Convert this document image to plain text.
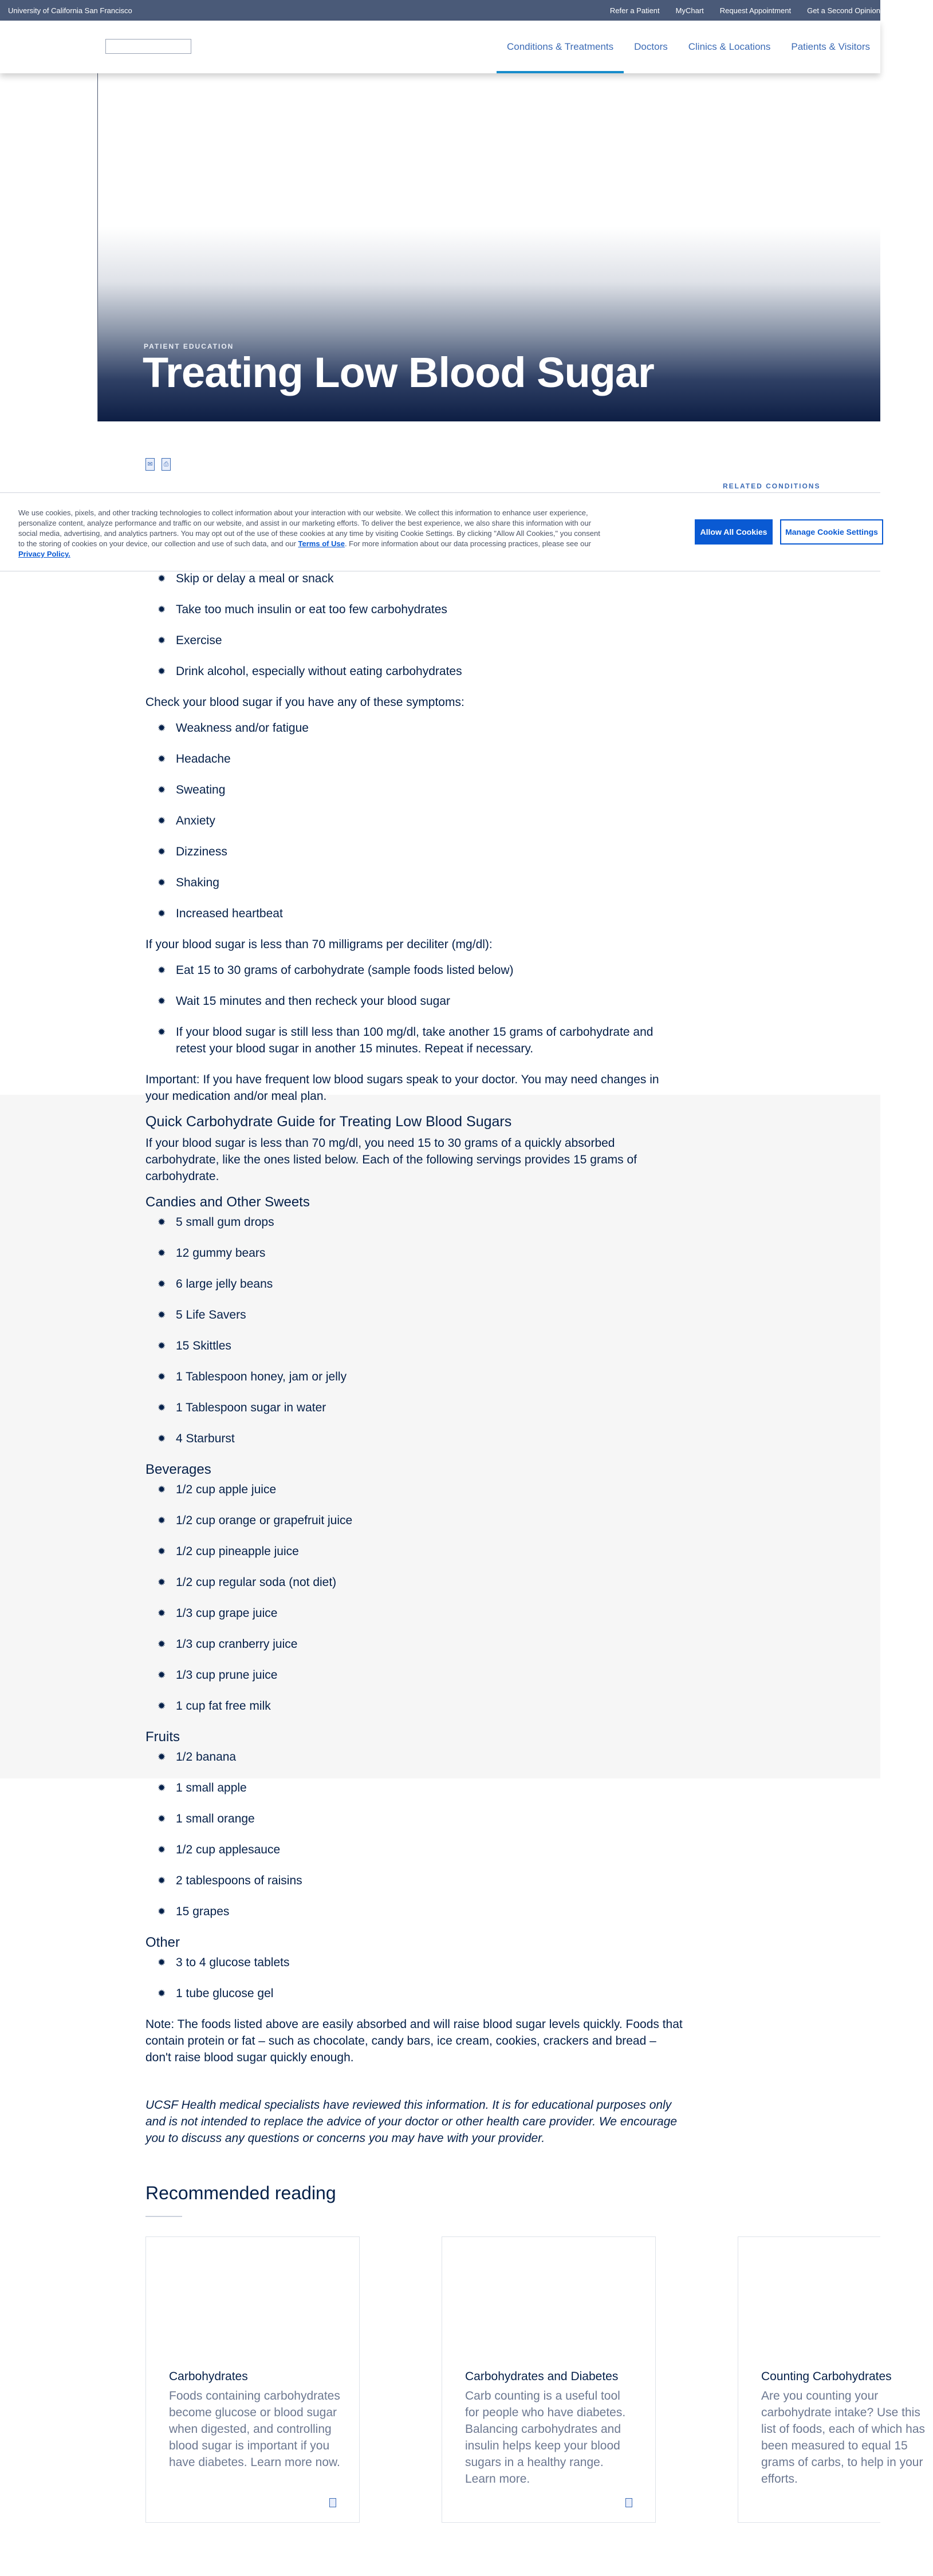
University of California San Francisco	Refer a Patient MyChart Request Appointment Get a Second Opinion
Conditions & Treatments	Doctors	Clinics & Locations	Patients & Visitors
PATIENT EDUCATION
Treating Low Blood Sugar
✉	⎙
RELATED CONDITIONS

We use cookies, pixels, and other tracking technologies to collect information about your interaction with our website. We collect this information to enhance user experience, personalize content, analyze performance and traffic on our website, and assist in our marketing efforts. To deliver the best experience, we also share this information with our social media, advertising, and analytics partners. You may opt out of the use of these cookies at any time by visiting Cookie Settings. By clicking "Allow All Cookies," you consent to the storing of cookies on your device, our collection and use of such data, and our Terms of Use. For more information about our data processing practices, please see our Privacy Policy.

Allow All Cookies	Manage Cookie Settings
✹ Skip or delay a meal or snack
✹ Take too much insulin or eat too few carbohydrates
✹ Exercise
✹ Drink alcohol, especially without eating carbohydrates

Check your blood sugar if you have any of these symptoms:

✹ Weakness and/or fatigue
✹ Headache
✹ Sweating
✹ Anxiety
✹ Dizziness
✹ Shaking
✹ Increased heartbeat

If your blood sugar is less than 70 milligrams per deciliter (mg/dl):

✹ Eat 15 to 30 grams of carbohydrate (sample foods listed below)
✹ Wait 15 minutes and then recheck your blood sugar
✹ If your blood sugar is still less than 100 mg/dl, take another 15 grams of carbohydrate and retest your blood sugar in another 15 minutes. Repeat if necessary.

Important: If you have frequent low blood sugars speak to your doctor. You may need changes in your medication and/or meal plan.

Quick Carbohydrate Guide for Treating Low Blood Sugars

If your blood sugar is less than 70 mg/dl, you need 15 to 30 grams of a quickly absorbed carbohydrate, like the ones listed below. Each of the following servings provides 15 grams of carbohydrate.

Candies and Other Sweets
✹ 5 small gum drops
✹ 12 gummy bears
✹ 6 large jelly beans
✹ 5 Life Savers
✹ 15 Skittles
✹ 1 Tablespoon honey, jam or jelly
✹ 1 Tablespoon sugar in water
✹ 4 Starburst
Beverages
✹ 1/2 cup apple juice
✹ 1/2 cup orange or grapefruit juice
✹ 1/2 cup pineapple juice
✹ 1/2 cup regular soda (not diet)
✹ 1/3 cup grape juice
✹ 1/3 cup cranberry juice
✹ 1/3 cup prune juice
✹ 1 cup fat free milk
Fruits
✹ 1/2 banana
✹ 1 small apple
✹ 1 small orange
✹ 1/2 cup applesauce
✹ 2 tablespoons of raisins
✹ 15 grapes
Other
✹ 3 to 4 glucose tablets
✹ 1 tube glucose gel

Note: The foods listed above are easily absorbed and will raise blood sugar levels quickly. Foods that contain protein or fat – such as chocolate, candy bars, ice cream, cookies, crackers and bread – don't raise blood sugar quickly enough.

UCSF Health medical specialists have reviewed this information. It is for educational purposes only and is not intended to replace the advice of your doctor or other health care provider. We encourage you to discuss any questions or concerns you may have with your provider.

Recommended reading
Carbohydrates
Foods containing carbohydrates become glucose or blood sugar when digested, and controlling blood sugar is important if you have diabetes. Learn more now.
Carbohydrates and Diabetes
Carb counting is a useful tool for people who have diabetes. Balancing carbohydrates and insulin helps keep your blood sugars in a healthy range. Learn more.
Counting Carbohydrates
Are you counting your carbohydrate intake? Use this list of foods, each of which has been measured to equal 15 grams of carbs, to help in your efforts.
